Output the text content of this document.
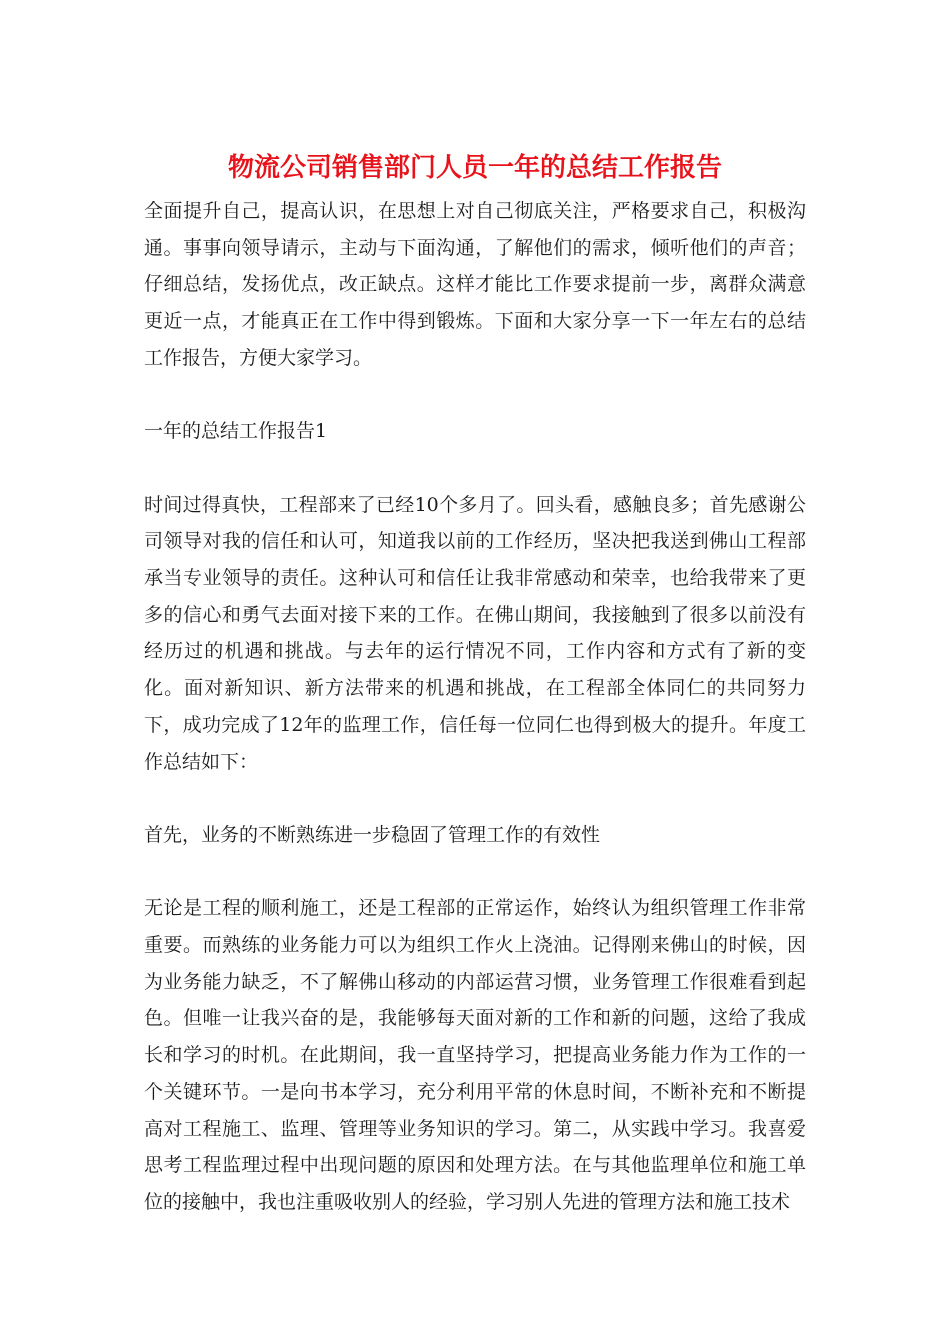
物流公司销售部门人员一年的总结工作报告

全面提升自己，提高认识，在思想上对自己彻底关注，严格要求自己，积极沟通。事事向领导请示，主动与下面沟通，了解他们的需求，倾听他们的声音；仔细总结，发扬优点，改正缺点。这样才能比工作要求提前一步，离群众满意更近一点，才能真正在工作中得到锻炼。下面和大家分享一下一年左右的总结工作报告，方便大家学习。

一年的总结工作报告1

时间过得真快，工程部来了已经10个多月了。回头看，感触良多；首先感谢公司领导对我的信任和认可，知道我以前的工作经历，坚决把我送到佛山工程部承当专业领导的责任。这种认可和信任让我非常感动和荣幸，也给我带来了更多的信心和勇气去面对接下来的工作。在佛山期间，我接触到了很多以前没有经历过的机遇和挑战。与去年的运行情况不同，工作内容和方式有了新的变化。面对新知识、新方法带来的机遇和挑战，在工程部全体同仁的共同努力下，成功完成了12年的监理工作，信任每一位同仁也得到极大的提升。年度工作总结如下：

首先，业务的不断熟练进一步稳固了管理工作的有效性

无论是工程的顺利施工，还是工程部的正常运作，始终认为组织管理工作非常重要。而熟练的业务能力可以为组织工作火上浇油。记得刚来佛山的时候，因为业务能力缺乏，不了解佛山移动的内部运营习惯，业务管理工作很难看到起色。但唯一让我兴奋的是，我能够每天面对新的工作和新的问题，这给了我成长和学习的时机。在此期间，我一直坚持学习，把提高业务能力作为工作的一个关键环节。一是向书本学习，充分利用平常的休息时间，不断补充和不断提高对工程施工、监理、管理等业务知识的学习。第二，从实践中学习。我喜爱思考工程监理过程中出现问题的原因和处理方法。在与其他监理单位和施工单位的接触中，我也注重吸收别人的经验，学习别人先进的管理方法和施工技术
